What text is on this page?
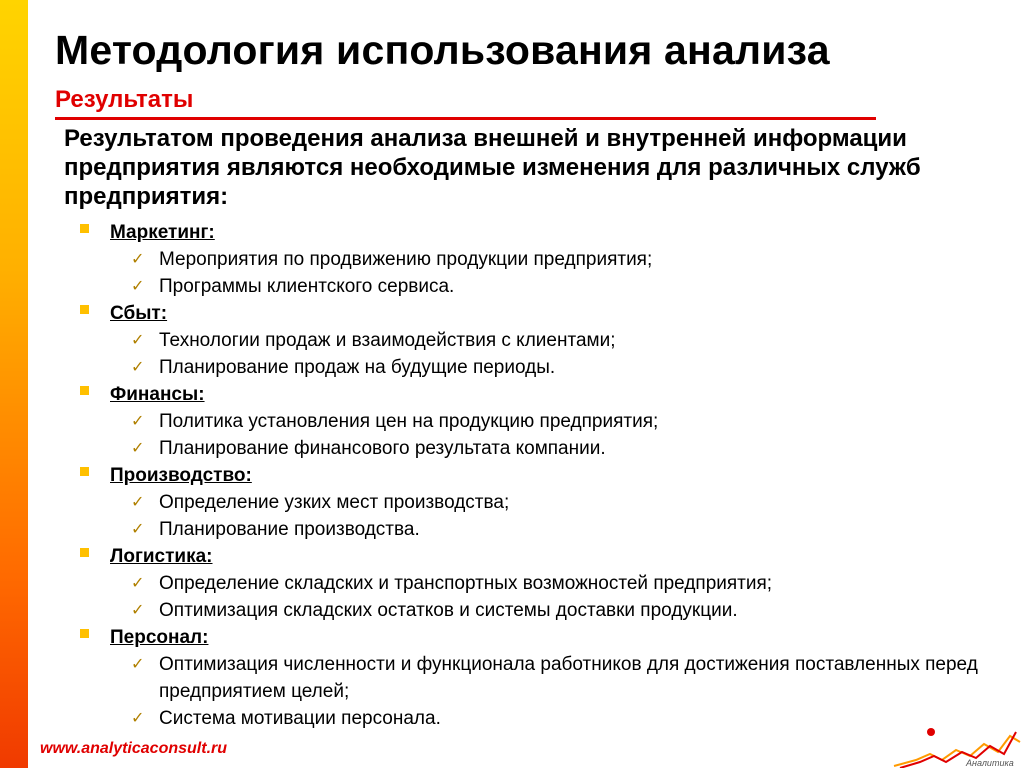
Методология использования анализа
Результаты
Результатом проведения анализа внешней и внутренней информации предприятия являются необходимые изменения для различных служб предприятия:
Маркетинг:
✓ Мероприятия по продвижению продукции предприятия;
✓ Программы клиентского сервиса.
Сбыт:
✓ Технологии продаж и взаимодействия с клиентами;
✓ Планирование продаж на будущие периоды.
Финансы:
✓ Политика установления цен на продукцию предприятия;
✓ Планирование финансового результата компании.
Производство:
✓ Определение узких мест производства;
✓ Планирование производства.
Логистика:
✓ Определение складских и транспортных возможностей предприятия;
✓ Оптимизация складских остатков и системы доставки продукции.
Персонал:
✓ Оптимизация численности и функционала работников для достижения поставленных перед предприятием целей;
✓ Система мотивации персонала.
www.analyticaconsult.ru
Аналитика
